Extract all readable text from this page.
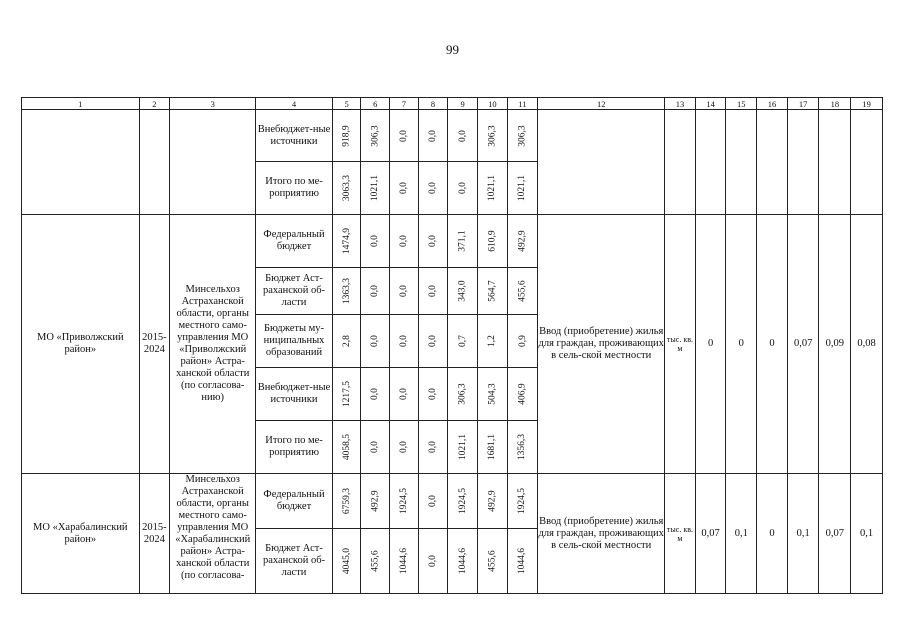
99
1	2	3	4	5	6	7	8	9	10	11	12	13	14	15	16	17	18	19
			Внебюджет-ные источники	918,9	306,3	0,0	0,0	0,0	306,3	306,3								
			Итого по ме-роприятию	3063,3	1021,1	0,0	0,0	0,0	1021,1	1021,1								
МО «Приволжский район»	2015-2024	Минсельхоз Астраханской области, органы местного само-управления МО «Приволжский район» Астра-ханской области (по согласова-нию)	Федеральный бюджет	1474,9	0,0	0,0	0,0	371,1	610,9	492,9	Ввод (приобретение) жилья для граждан, проживающих в сель-ской местности	тыс. кв. м	0	0	0	0,07	0,09	0,08
			Бюджет Аст-раханской об-ласти	1363,3	0,0	0,0	0,0	343,0	564,7	455,6								
			Бюджеты му-ниципальных образований	2,8	0,0	0,0	0,0	0,7	1,2	0,9								
			Внебюджет-ные источники	1217,5	0,0	0,0	0,0	306,3	504,3	406,9								
			Итого по ме-роприятию	4058,5	0,0	0,0	0,0	1021,1	1681,1	1356,3								
МО «Харабалинский район»	2015-2024	Минсельхоз Астраханской области, органы местного само-управления МО «Харабалинский район» Астра-ханской области (по согласова-	Федеральный бюджет	6759,3	492,9	1924,5	0,0	1924,5	492,9	1924,5	Ввод (приобретение) жилья для граждан, проживающих в сель-ской местности	тыс. кв. м	0,07	0,1	0	0,1	0,07	0,1
			Бюджет Аст-раханской об-ласти	4045,0	455,6	1044,6	0,0	1044,6	455,6	1044,6								
